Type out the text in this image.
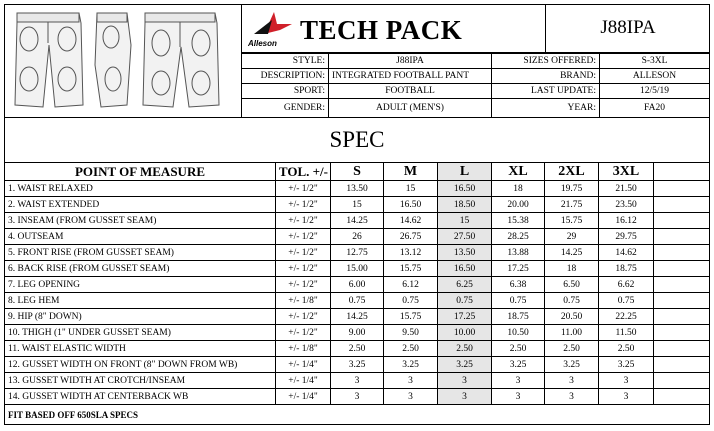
Alleson TECH PACK	J88IPA
STYLE:	J88IPA	SIZES OFFERED:	S-3XL
DESCRIPTION: INTEGRATED FOOTBALL PANT	BRAND:	ALLESON
SPORT:	FOOTBALL	LAST UPDATE:	12/5/19
GENDER:	ADULT (MEN'S)	YEAR:	FA20
SPEC
POINT OF MEASURE	TOL. +/-	S	M	L	XL	2XL	3XL
1. WAIST RELAXED	+/- 1/2"	13.50	15	16.50	18	19.75	21.50
2. WAIST EXTENDED	+/- 1/2"	15	16.50	18.50	20.00	21.75	23.50
3. INSEAM (FROM GUSSET SEAM)	+/- 1/2"	14.25	14.62	15	15.38	15.75	16.12
4. OUTSEAM	+/- 1/2"	26	26.75	27.50	28.25	29	29.75
5. FRONT RISE (FROM GUSSET SEAM)	+/- 1/2"	12.75	13.12	13.50	13.88	14.25	14.62
6. BACK RISE (FROM GUSSET SEAM)	+/- 1/2"	15.00	15.75	16.50	17.25	18	18.75
7. LEG OPENING	+/- 1/2"	6.00	6.12	6.25	6.38	6.50	6.62
8. LEG HEM	+/- 1/8"	0.75	0.75	0.75	0.75	0.75	0.75
9. HIP (8" DOWN)	+/- 1/2"	14.25	15.75	17.25	18.75	20.50	22.25
10. THIGH (1" UNDER GUSSET SEAM)	+/- 1/2"	9.00	9.50	10.00	10.50	11.00	11.50
11. WAIST ELASTIC WIDTH	+/- 1/8"	2.50	2.50	2.50	2.50	2.50	2.50
12. GUSSET WIDTH ON FRONT (8" DOWN FROM WB)	+/- 1/4"	3.25	3.25	3.25	3.25	3.25	3.25
13. GUSSET WIDTH AT CROTCH/INSEAM	+/- 1/4"	3	3	3	3	3	3
14. GUSSET WIDTH AT CENTERBACK WB	+/- 1/4"	3	3	3	3	3	3
FIT BASED OFF 650SLA SPECS
